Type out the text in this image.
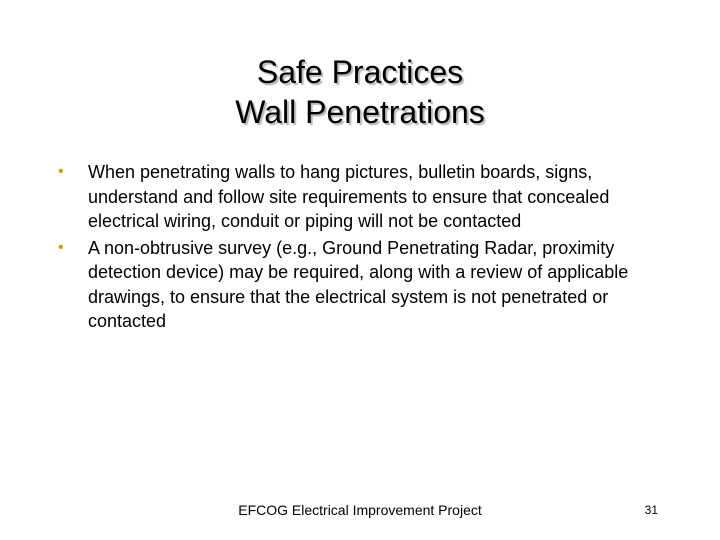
Safe Practices
Wall Penetrations
• When penetrating walls to hang pictures, bulletin boards, signs, understand and follow site requirements to ensure that concealed electrical wiring, conduit or piping will not be contacted
• A non-obtrusive survey (e.g., Ground Penetrating Radar, proximity detection device) may be required, along with a review of applicable drawings, to ensure that the electrical system is not penetrated or contacted
EFCOG Electrical Improvement Project	31
